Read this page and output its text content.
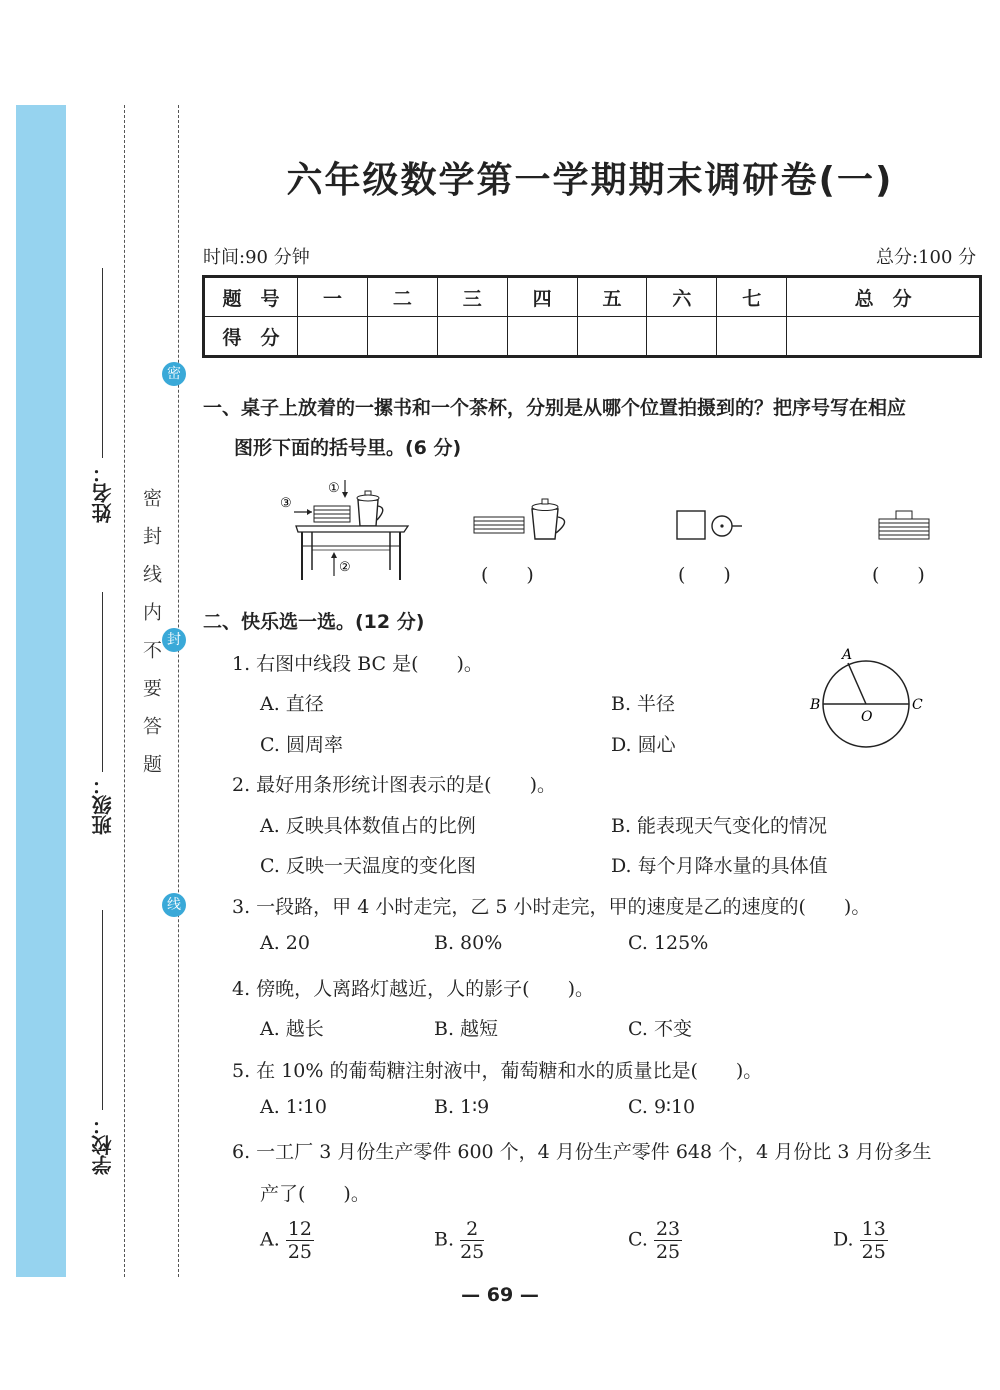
姓名：
班级：
学校：
密封线内不要答题
密
封
线
六年级数学第一学期期末调研卷(一)
时间:90 分钟	总分:100 分
题　号	一	二	三	四	五	六	七	总　分
得　分								
一、桌子上放着的一摞书和一个茶杯，分别是从哪个位置拍摄到的？把序号写在相应
图形下面的括号里。(6 分)
③
①
②	(　　)	(　　)	(　　)
二、快乐选一选。(12 分)
A
B	C
O
1. 右图中线段 BC 是(　　)。
A. 直径	B. 半径
C. 圆周率	D. 圆心
2. 最好用条形统计图表示的是(　　)。
A. 反映具体数值占的比例	B. 能表现天气变化的情况
C. 反映一天温度的变化图	D. 每个月降水量的具体值
3. 一段路，甲 4 小时走完，乙 5 小时走完，甲的速度是乙的速度的(　　)。
A. 20	B. 80%	C. 125%
4. 傍晚，人离路灯越近，人的影子(　　)。
A. 越长	B. 越短	C. 不变
5. 在 10% 的葡萄糖注射液中，葡萄糖和水的质量比是(　　)。
A. 1∶10	B. 1∶9	C. 9∶10
6. 一工厂 3 月份生产零件 600 个，4 月份生产零件 648 个，4 月份比 3 月份多生
产了(　　)。
A. $\frac{12}{25}$	B. $\frac{2}{25}$	C. $\frac{23}{25}$	D. $\frac{13}{25}$
— 69 —
